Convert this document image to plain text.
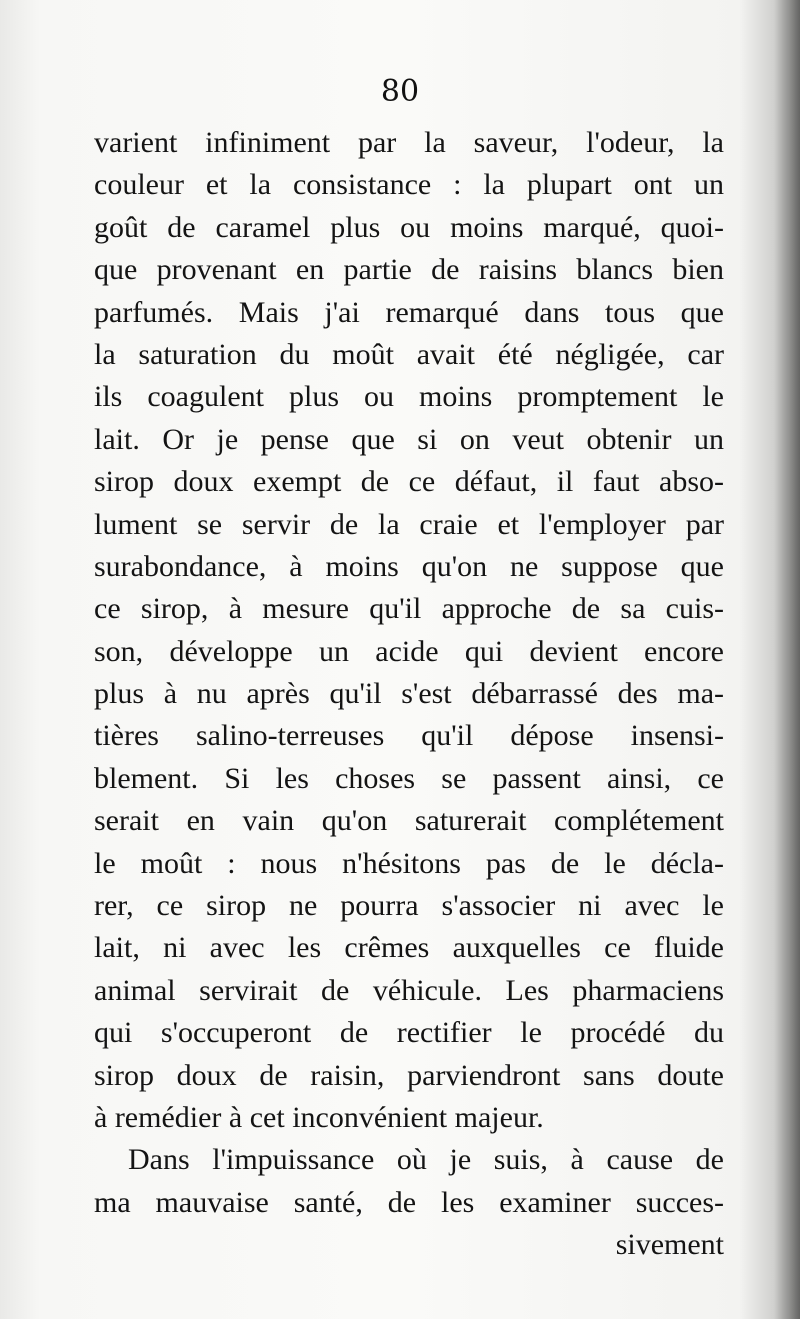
80
varient infiniment par la saveur, l'odeur, la
couleur et la consistance : la plupart ont un
goût de caramel plus ou moins marqué, quoi-
que provenant en partie de raisins blancs bien
parfumés. Mais j'ai remarqué dans tous que
la saturation du moût avait été négligée, car
ils coagulent plus ou moins promptement le
lait. Or je pense que si on veut obtenir un
sirop doux exempt de ce défaut, il faut abso-
lument se servir de la craie et l'employer par
surabondance, à moins qu'on ne suppose que
ce sirop, à mesure qu'il approche de sa cuis-
son, développe un acide qui devient encore
plus à nu après qu'il s'est débarrassé des ma-
tières salino-terreuses qu'il dépose insensi-
blement. Si les choses se passent ainsi, ce
serait en vain qu'on saturerait complétement
le moût : nous n'hésitons pas de le décla-
rer, ce sirop ne pourra s'associer ni avec le
lait, ni avec les crêmes auxquelles ce fluide
animal servirait de véhicule. Les pharmaciens
qui s'occuperont de rectifier le procédé du
sirop doux de raisin, parviendront sans doute
à remédier à cet inconvénient majeur.
Dans l'impuissance où je suis, à cause de
ma mauvaise santé, de les examiner succes-
sivement
